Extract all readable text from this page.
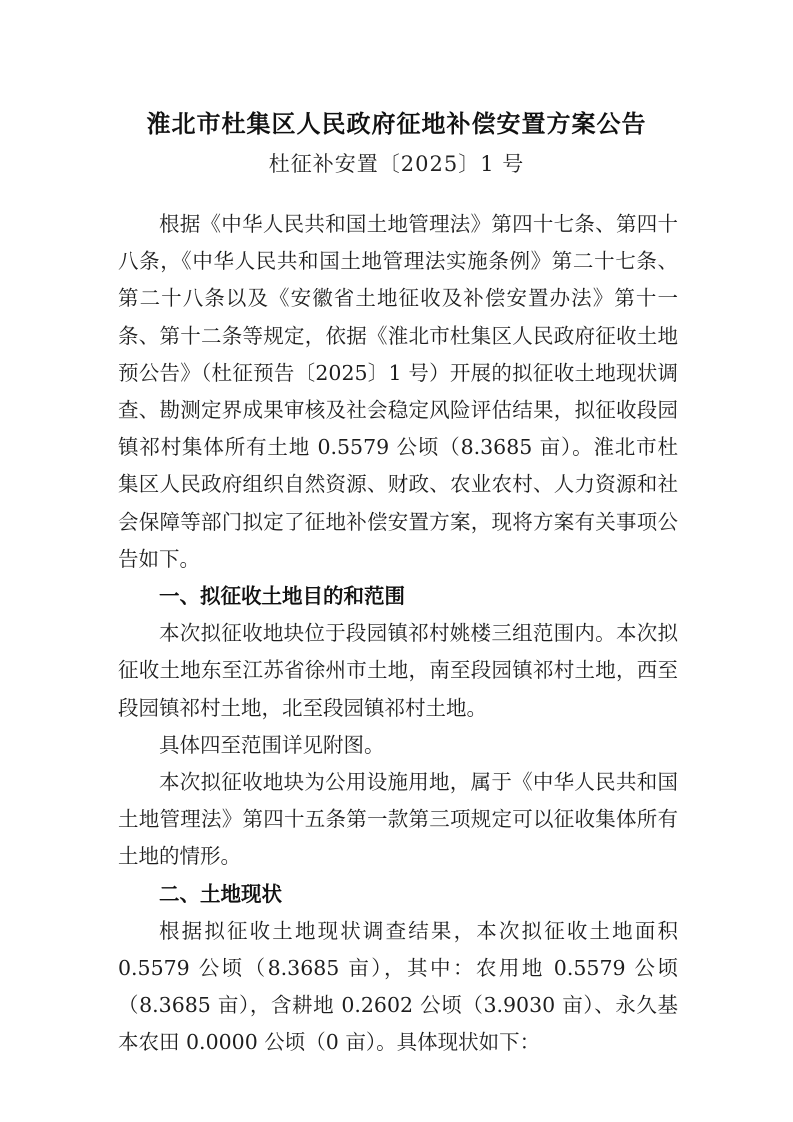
淮北市杜集区人民政府征地补偿安置方案公告
杜征补安置〔2025〕1 号

根据《中华人民共和国土地管理法》第四十七条、第四十八条，《中华人民共和国土地管理法实施条例》第二十七条、第二十八条以及《安徽省土地征收及补偿安置办法》第十一条、第十二条等规定，依据《淮北市杜集区人民政府征收土地预公告》（杜征预告〔2025〕1 号）开展的拟征收土地现状调查、勘测定界成果审核及社会稳定风险评估结果，拟征收段园镇祁村集体所有土地 0.5579 公顷（8.3685 亩）。淮北市杜集区人民政府组织自然资源、财政、农业农村、人力资源和社会保障等部门拟定了征地补偿安置方案，现将方案有关事项公告如下。

一、拟征收土地目的和范围

本次拟征收地块位于段园镇祁村姚楼三组范围内。本次拟征收土地东至江苏省徐州市土地，南至段园镇祁村土地，西至段园镇祁村土地，北至段园镇祁村土地。

具体四至范围详见附图。

本次拟征收地块为公用设施用地，属于《中华人民共和国土地管理法》第四十五条第一款第三项规定可以征收集体所有土地的情形。

二、土地现状

根据拟征收土地现状调查结果，本次拟征收土地面积 0.5579 公顷（8.3685 亩），其中：农用地 0.5579 公顷（8.3685 亩），含耕地 0.2602 公顷（3.9030 亩）、永久基本农田 0.0000 公顷（0 亩）。具体现状如下：
